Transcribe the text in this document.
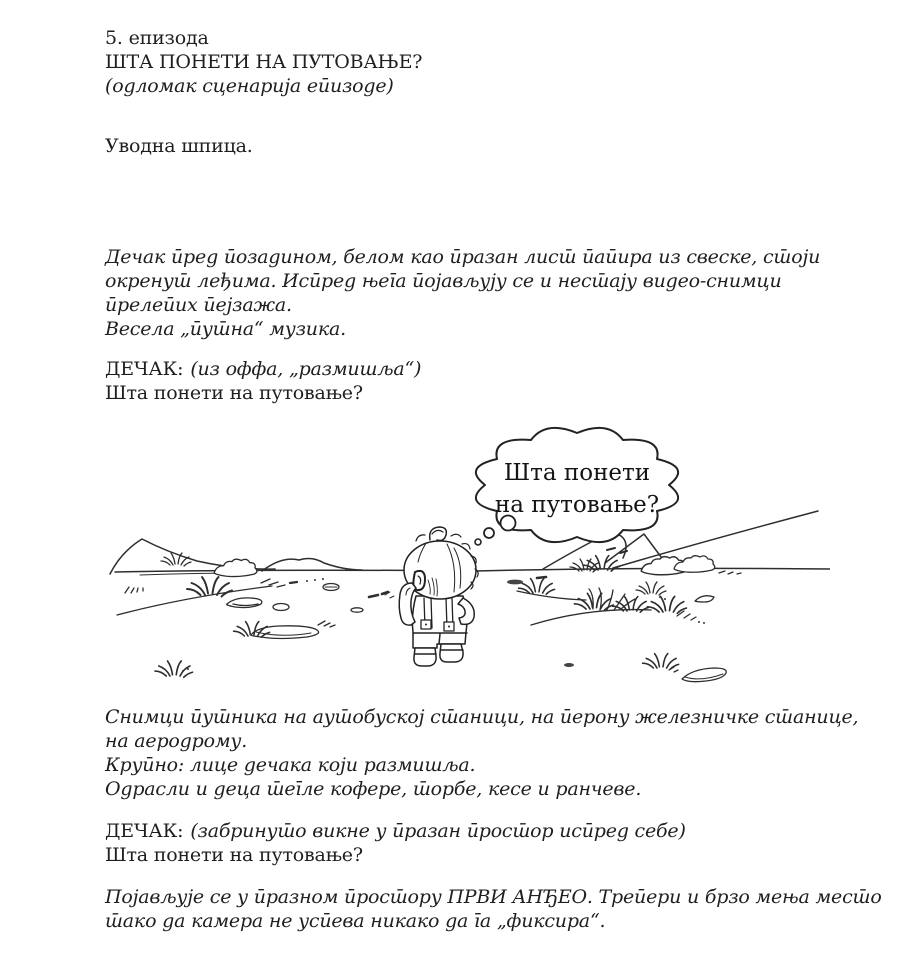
5. епизода
ШТА ПОНЕТИ НА ПУТОВАЊЕ?
(оgломак сценарија еūизоgе)
Уводна шпица.
Дечак ūреg ūозаgином, белом као ūразан лисш̄ ūаūира из свеске, сш̄оји
окренуш̄ леђима. Исūреg њеīа ūојављују се и несш̄ају виgео-снимци
ūрелеūих ūејзажа.
Весела „ūуш̄на“ музика.
ДЕЧАК: (из оффа, „размишља“)
Шта понети на путовање?
Шта понети
на путовање?
Снимци ūуш̄ника на ауш̄обуској сш̄аници, на ūерону железничке сш̄анице,
на аероgрому.
Круūно: лице gечака који размишља.
Оgрасли и gеца ш̄еīле кофере, ш̄орбе, кесе и ранчеве.
ДЕЧАК: (забринуш̄о викне у ūразан ūросш̄ор исūреg себе)
Шта понети на путовање?
Појављује се у ūразном ūросш̄ору ПРВИ АНЂЕО. Треūери и брзо мења месш̄о
ш̄ако gа камера не усūева никако gа īа „фиксира“.
